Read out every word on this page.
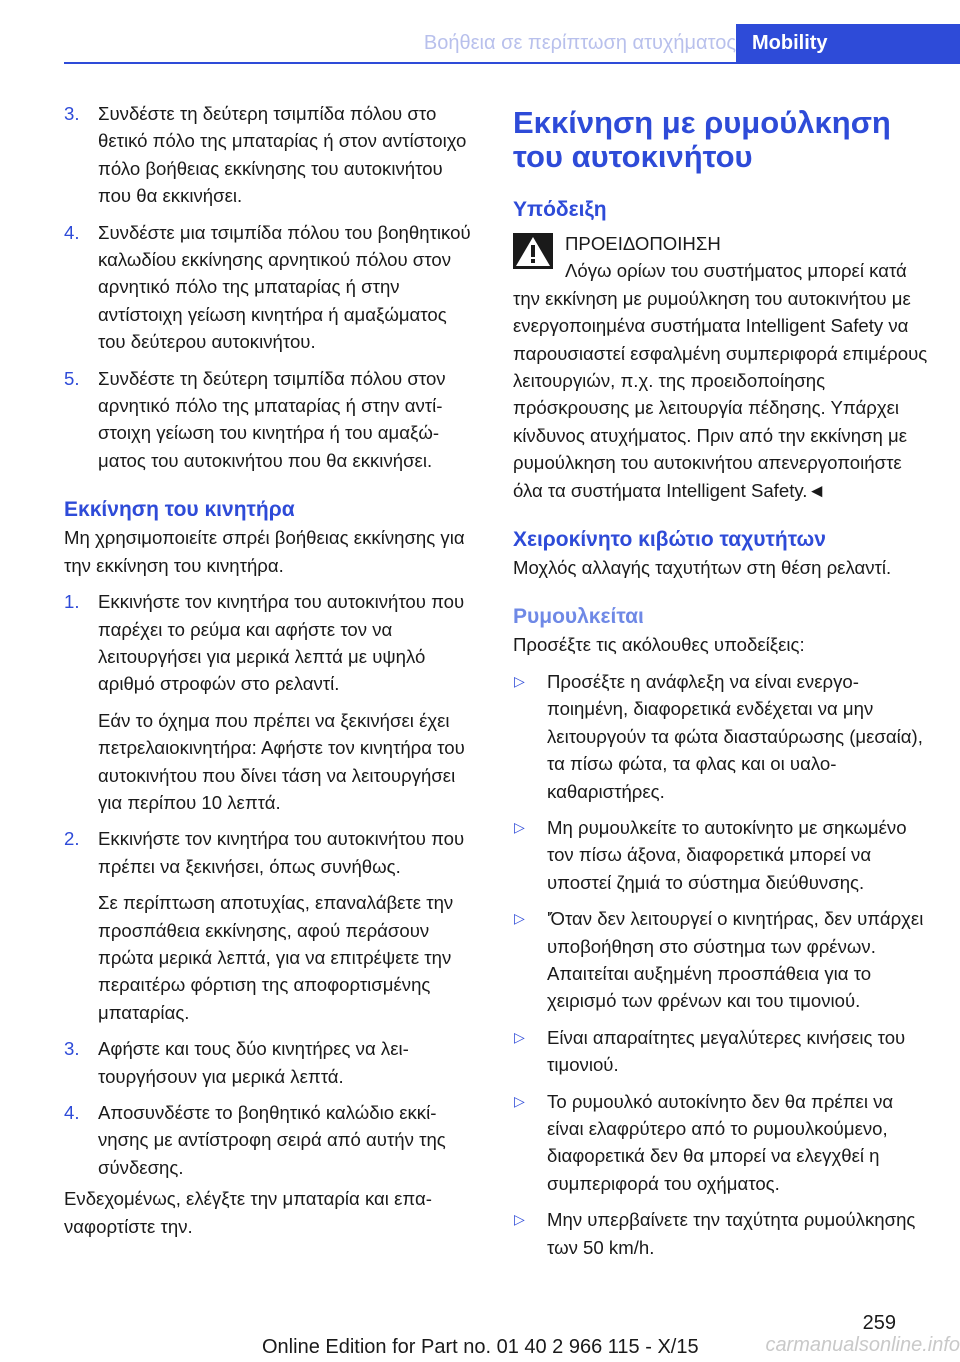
Βοήθεια σε περίπτωση ατυχήματος Mobility
3. Συνδέστε τη δεύτερη τσιμπίδα πόλου στο θετικό πόλο της μπαταρίας ή στον αντίστοιχο πόλο βοήθειας εκκίνησης του αυτοκινήτου που θα εκκινήσει.

4. Συνδέστε μια τσιμπίδα πόλου του βοηθητικού καλωδίου εκκίνησης αρνητικού πόλου στον αρνητικό πόλο της μπαταρίας ή στην αντίστοιχη γείωση κινητήρα ή αμαξώματος του δεύτερου αυτοκινήτου.

5. Συνδέστε τη δεύτερη τσιμπίδα πόλου στον αρνητικό πόλο της μπαταρίας ή στην αντίστοιχη γείωση του κινητήρα ή του αμαξώματος του αυτοκινήτου που θα εκκινήσει.

Εκκίνηση του κινητήρα

Μη χρησιμοποιείτε σπρέι βοήθειας εκκίνησης για την εκκίνηση του κινητήρα.

1. Εκκινήστε τον κινητήρα του αυτοκινήτου που παρέχει το ρεύμα και αφήστε τον να λειτουργήσει για μερικά λεπτά με υψηλό αριθμό στροφών στο ρελαντί.

Εάν το όχημα που πρέπει να ξεκινήσει έχει πετρελαιοκινητήρα: Αφήστε τον κινητήρα του αυτοκινήτου που δίνει τάση να λειτουργήσει για περίπου 10 λεπτά.

2. Εκκινήστε τον κινητήρα του αυτοκινήτου που πρέπει να ξεκινήσει, όπως συνήθως.

Σε περίπτωση αποτυχίας, επαναλάβετε την προσπάθεια εκκίνησης, αφού περάσουν πρώτα μερικά λεπτά, για να επιτρέψετε την περαιτέρω φόρτιση της αποφορτισμένης μπαταρίας.

3. Αφήστε και τους δύο κινητήρες να λειτουργήσουν για μερικά λεπτά.

4. Αποσυνδέστε το βοηθητικό καλώδιο εκκίνησης με αντίστροφη σειρά από αυτήν της σύνδεσης.

Ενδεχομένως, ελέγξτε την μπαταρία και επαναφορτίστε την.

Εκκίνηση με ρυμούλκηση του αυτοκινήτου
Υπόδειξη

ΠΡΟΕΙΔΟΠΟΙΗΣΗ

Λόγω ορίων του συστήματος μπορεί κατά την εκκίνηση με ρυμούλκηση του αυτοκινήτου με ενεργοποιημένα συστήματα Intelligent Safety να παρουσιαστεί εσφαλμένη συμπεριφορά επιμέρους λειτουργιών, π.χ. της προειδοποίησης πρόσκρουσης με λειτουργία πέδησης. Υπάρχει κίνδυνος ατυχήματος. Πριν από την εκκίνηση με ρυμούλκηση του αυτοκινήτου απενεργοποιήστε όλα τα συστήματα Intelligent Safety.◄

Χειροκίνητο κιβώτιο ταχυτήτων

Μοχλός αλλαγής ταχυτήτων στη θέση ρελαντί.

Ρυμουλκείται

Προσέξτε τις ακόλουθες υποδείξεις:

▷ Προσέξτε η ανάφλεξη να είναι ενεργοποιημένη, διαφορετικά ενδέχεται να μην λειτουργούν τα φώτα διασταύρωσης (μεσαία), τα πίσω φώτα, τα φλας και οι υαλοκαθαριστήρες.

▷ Μη ρυμουλκείτε το αυτοκίνητο με σηκωμένο τον πίσω άξονα, διαφορετικά μπορεί να υποστεί ζημιά το σύστημα διεύθυνσης.

▷ 'Όταν δεν λειτουργεί ο κινητήρας, δεν υπάρχει υποβοήθηση στο σύστημα των φρένων. Απαιτείται αυξημένη προσπάθεια για το χειρισμό των φρένων και του τιμονιού.

▷ Είναι απαραίτητες μεγαλύτερες κινήσεις του τιμονιού.

▷ Το ρυμουλκό αυτοκίνητο δεν θα πρέπει να είναι ελαφρύτερο από το ρυμουλκούμενο, διαφορετικά δεν θα μπορεί να ελεγχθεί η συμπεριφορά του οχήματος.

▷ Μην υπερβαίνετε την ταχύτητα ρυμούλκησης των 50 km/h.

259
Online Edition for Part no. 01 40 2 966 115 - X/15	carmanualsonline.info
